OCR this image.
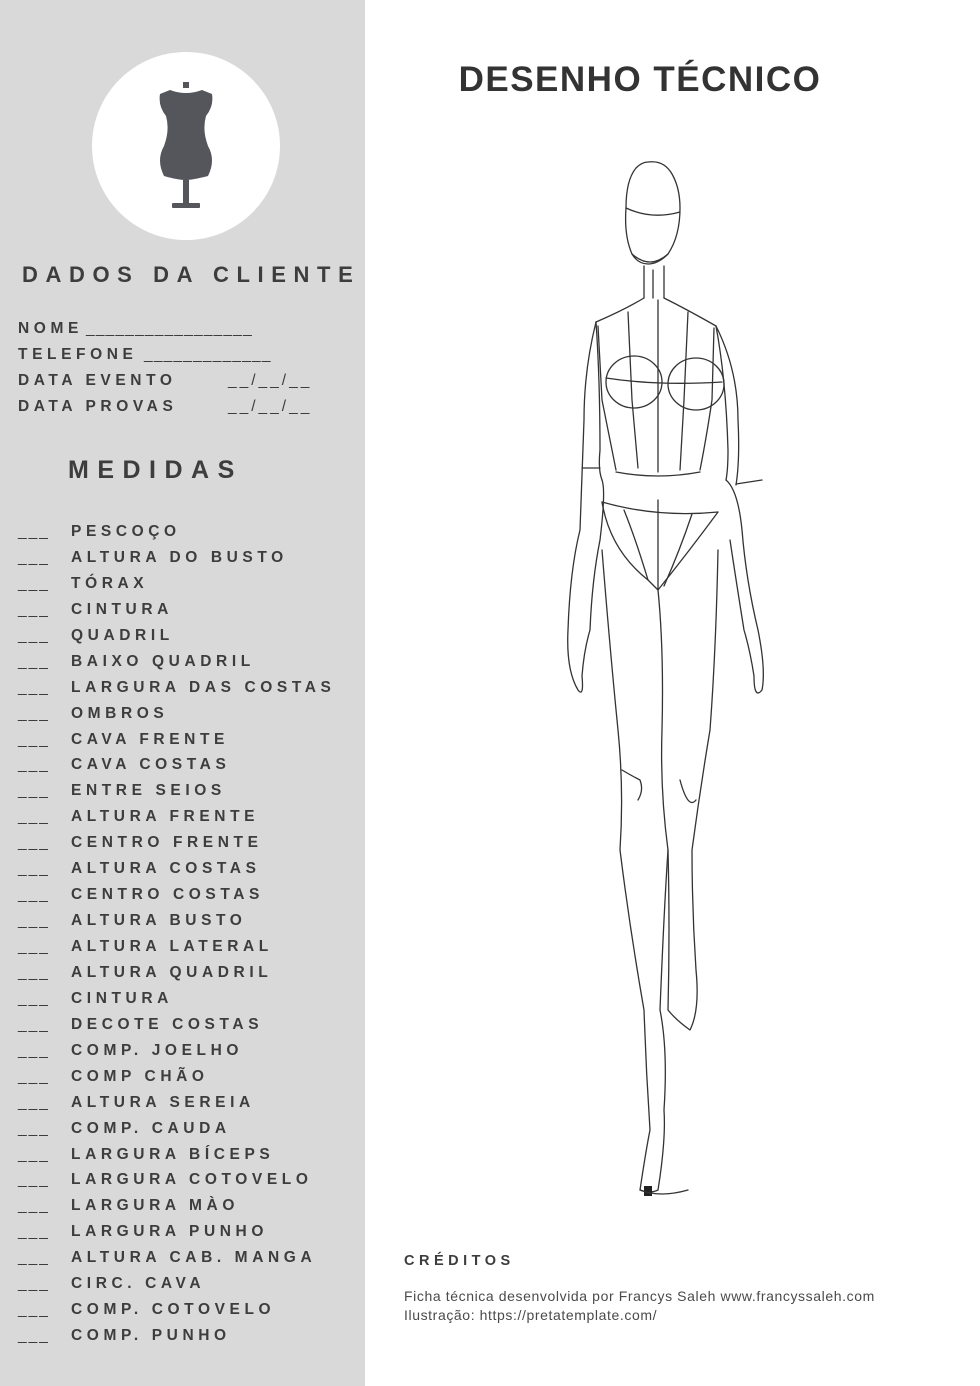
DADOS DA CLIENTE
NOME _________________
TELEFONE _____________
DATA EVENTO	__/__/__
DATA PROVAS	__/__/__
MEDIDAS
___ PESCOÇO
___ ALTURA DO BUSTO
___ TÓRAX
___ CINTURA
___ QUADRIL
___ BAIXO QUADRIL
___ LARGURA DAS COSTAS
___ OMBROS
___ CAVA FRENTE
___ CAVA COSTAS
___ ENTRE SEIOS
___ ALTURA FRENTE
___ CENTRO FRENTE
___ ALTURA COSTAS
___ CENTRO COSTAS
___ ALTURA BUSTO
___ ALTURA LATERAL
___ ALTURA QUADRIL
___ CINTURA
___ DECOTE COSTAS
___ COMP. JOELHO
___ COMP CHÃO
___ ALTURA SEREIA
___ COMP. CAUDA
___ LARGURA BÍCEPS
___ LARGURA COTOVELO
___ LARGURA MÀO
___ LARGURA PUNHO
___ ALTURA CAB. MANGA
___ CIRC. CAVA
___ COMP. COTOVELO
___ COMP. PUNHO
DESENHO TÉCNICO
CRÉDITOS
Ficha técnica desenvolvida por Francys Saleh www.francyssaleh.com
Ilustração: https://pretatemplate.com/
